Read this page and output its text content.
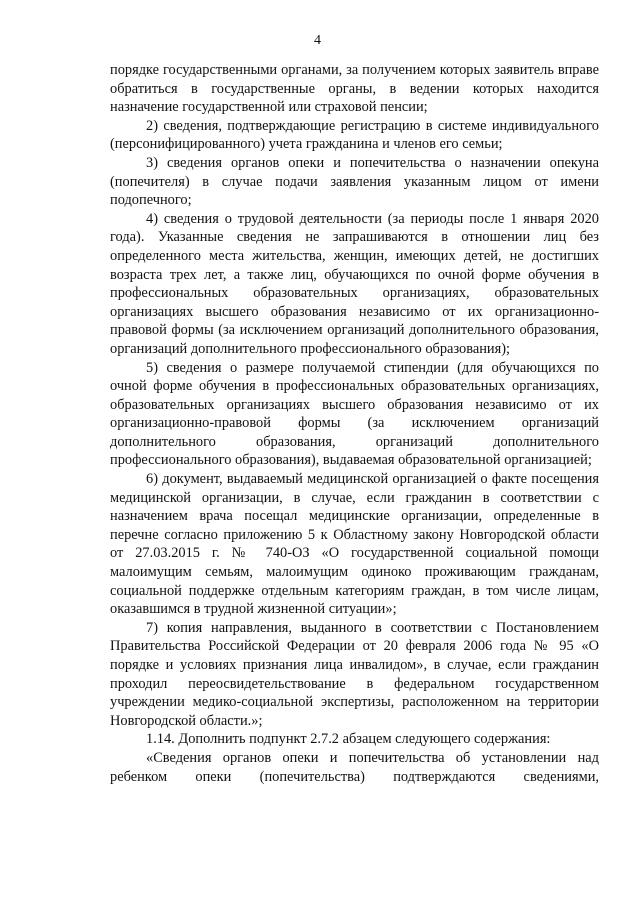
4

порядке государственными органами, за получением которых заявитель вправе обратиться в государственные органы, в ведении которых находится назначение государственной или страховой пенсии;

2) сведения, подтверждающие регистрацию в системе индивидуального (персонифицированного) учета гражданина и членов его семьи;

3) сведения органов опеки и попечительства о назначении опекуна (попечителя) в случае подачи заявления указанным лицом от имени подопечного;

4) сведения о трудовой деятельности (за периоды после 1 января 2020 года). Указанные сведения не запрашиваются в отношении лиц без определенного места жительства, женщин, имеющих детей, не достигших возраста трех лет, а также лиц, обучающихся по очной форме обучения в профессиональных образовательных организациях, образовательных организациях высшего образования независимо от их организационно-правовой формы (за исключением организаций дополнительного образования, организаций дополнительного профессионального образования);

5) сведения о размере получаемой стипендии (для обучающихся по очной форме обучения в профессиональных образовательных организациях, образовательных организациях высшего образования независимо от их организационно-правовой формы (за исключением организаций дополнительного образования, организаций дополнительного профессионального образования), выдаваемая образовательной организацией;

6) документ, выдаваемый медицинской организацией о факте посещения медицинской организации, в случае, если гражданин в соответствии с назначением врача посещал медицинские организации, определенные в перечне согласно приложению 5 к Областному закону Новгородской области от 27.03.2015 г. № 740-ОЗ «О государственной социальной помощи малоимущим семьям, малоимущим одиноко проживающим гражданам, социальной поддержке отдельным категориям граждан, в том числе лицам, оказавшимся в трудной жизненной ситуации»;

7) копия направления, выданного в соответствии с Постановлением Правительства Российской Федерации от 20 февраля 2006 года № 95 «О порядке и условиях признания лица инвалидом», в случае, если гражданин проходил переосвидетельствование в федеральном государственном учреждении медико-социальной экспертизы, расположенном на территории Новгородской области.»;

1.14. Дополнить подпункт 2.7.2 абзацем следующего содержания:

«Сведения органов опеки и попечительства об установлении над ребенком опеки (попечительства) подтверждаются сведениями,
